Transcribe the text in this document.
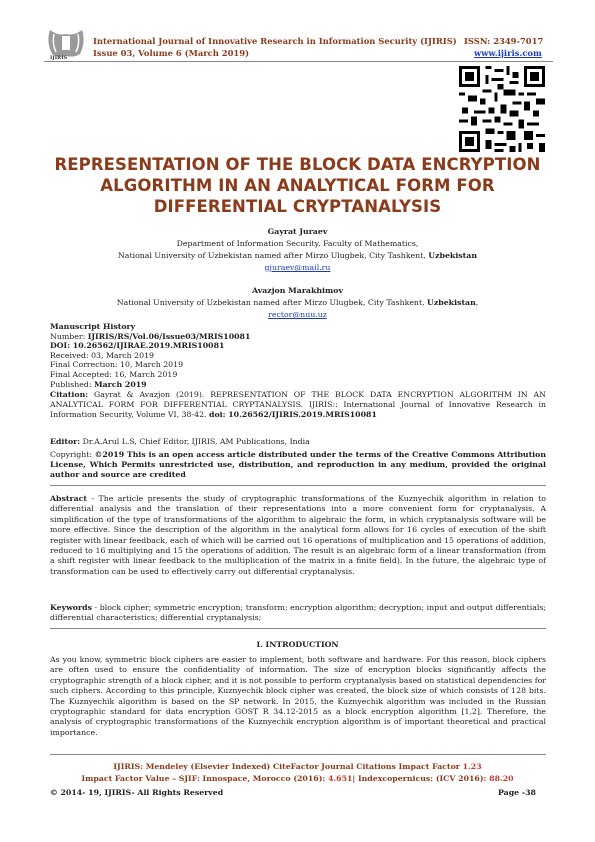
IJIRIS
International Journal of Innovative Research in Information Security (IJIRIS)
Issue 03, Volume 6 (March 2019)
ISSN: 2349-7017
www.ijiris.com
REPRESENTATION OF THE BLOCK DATA ENCRYPTION
ALGORITHM IN AN ANALYTICAL FORM FOR
DIFFERENTIAL CRYPTANALYSIS
Gayrat Juraev
Department of Information Security, Faculty of Mathematics,
National University of Uzbekistan named after Mirzo Ulugbek, City Tashkent, Uzbekistan
gjuraev@mail.ru
Avazjon Marakhimov
National University of Uzbekistan named after Mirzo Ulugbek, City Tashkent, Uzbekistan,
rector@nuu.uz
Manuscript History
Number: IJIRIS/RS/Vol.06/Issue03/MRIS10081
DOI: 10.26562/IJIRAE.2019.MRIS10081
Received: 03, March 2019
Final Correction: 10, March 2019
Final Accepted: 16, March 2019
Published: March 2019
Citation: Gayrat & Avazjon (2019). REPRESENTATION OF THE BLOCK DATA ENCRYPTION ALGORITHM IN AN ANALYTICAL FORM FOR DIFFERENTIAL CRYPTANALYSIS. IJIRIS:: International Journal of Innovative Research in Information Security, Volume VI, 38-42. doi: 10.26562/IJIRIS.2019.MRIS10081
Editor: Dr.A.Arul L.S, Chief Editor, IJIRIS, AM Publications, India
Copyright: ©2019 This is an open access article distributed under the terms of the Creative Commons Attribution License, Which Permits unrestricted use, distribution, and reproduction in any medium, provided the original author and source are credited
Abstract - The article presents the study of cryptographic transformations of the Kuznyechik algorithm in relation to differential analysis and the translation of their representations into a more convenient form for cryptanalysis. A simplification of the type of transformations of the algorithm to algebraic the form, in which cryptanalysis software will be more effective. Since the description of the algorithm in the analytical form allows for 16 cycles of execution of the shift register with linear feedback, each of which will be carried out 16 operations of multiplication and 15 operations of addition, reduced to 16 multiplying and 15 the operations of addition. The result is an algebraic form of a linear transformation (from a shift register with linear feedback to the multiplication of the matrix in a finite field). In the future, the algebraic type of transformation can be used to effectively carry out differential cryptanalysis.
Keywords - block cipher; symmetric encryption; transform; encryption algorithm; decryption; input and output differentials; differential characteristics; differential cryptanalysis;
I. INTRODUCTION
As you know, symmetric block ciphers are easier to implement, both software and hardware. For this reason, block ciphers are often used to ensure the confidentiality of information. The size of encryption blocks significantly affects the cryptographic strength of a block cipher, and it is not possible to perform cryptanalysis based on statistical dependencies for such ciphers. According to this principle, Kuznyechik block cipher was created, the block size of which consists of 128 bits. The Kuznyechik algorithm is based on the SP network. In 2015, the Kuznyechik algorithm was included in the Russian cryptographic standard for data encryption GOST R 34.12-2015 as a block encryption algorithm [1,2]. Therefore, the analysis of cryptographic transformations of the Kuznyechik encryption algorithm is of important theoretical and practical importance.
IJIRIS: Mendeley (Elsevier Indexed) CiteFactor Journal Citations Impact Factor 1.23
Impact Factor Value – SJIF: Innospace, Morocco (2016): 4.651| Indexcopernicus: (ICV 2016): 88.20
© 2014- 19, IJIRIS- All Rights Reserved	Page -38
